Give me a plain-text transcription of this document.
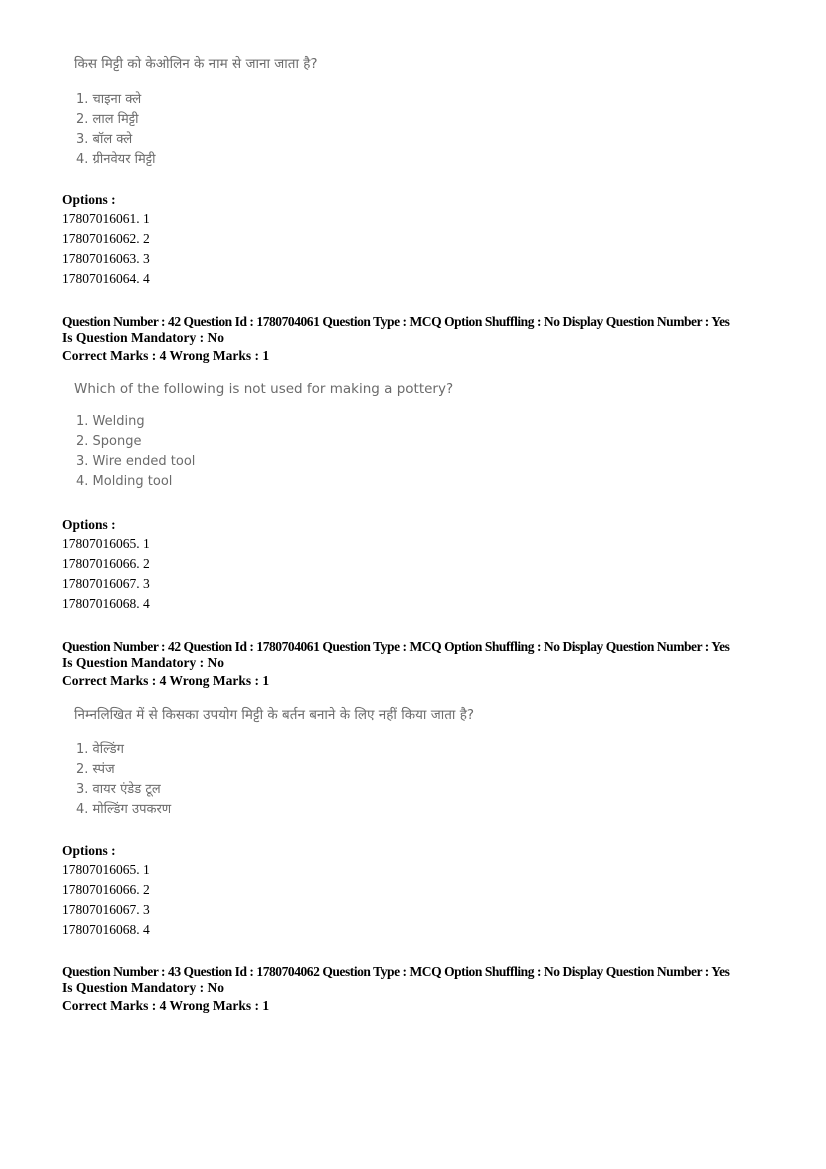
किस मिट्टी को केओलिन के नाम से जाना जाता है?
1. चाइना क्ले
2. लाल मिट्टी
3. बॉल क्ले
4. ग्रीनवेयर मिट्टी
Options :
17807016061. 1
17807016062. 2
17807016063. 3
17807016064. 4
Question Number : 42 Question Id : 1780704061 Question Type : MCQ Option Shuffling : No Display Question Number : Yes
Is Question Mandatory : No
Correct Marks : 4 Wrong Marks : 1
Which of the following is not used for making a pottery?
1. Welding
2. Sponge
3. Wire ended tool
4. Molding tool
Options :
17807016065. 1
17807016066. 2
17807016067. 3
17807016068. 4
Question Number : 42 Question Id : 1780704061 Question Type : MCQ Option Shuffling : No Display Question Number : Yes
Is Question Mandatory : No
Correct Marks : 4 Wrong Marks : 1
निम्नलिखित में से किसका उपयोग मिट्टी के बर्तन बनाने के लिए नहीं किया जाता है?
1. वेल्डिंग
2. स्पंज
3. वायर एंडेड टूल
4. मोल्डिंग उपकरण
Options :
17807016065. 1
17807016066. 2
17807016067. 3
17807016068. 4
Question Number : 43 Question Id : 1780704062 Question Type : MCQ Option Shuffling : No Display Question Number : Yes
Is Question Mandatory : No
Correct Marks : 4 Wrong Marks : 1
